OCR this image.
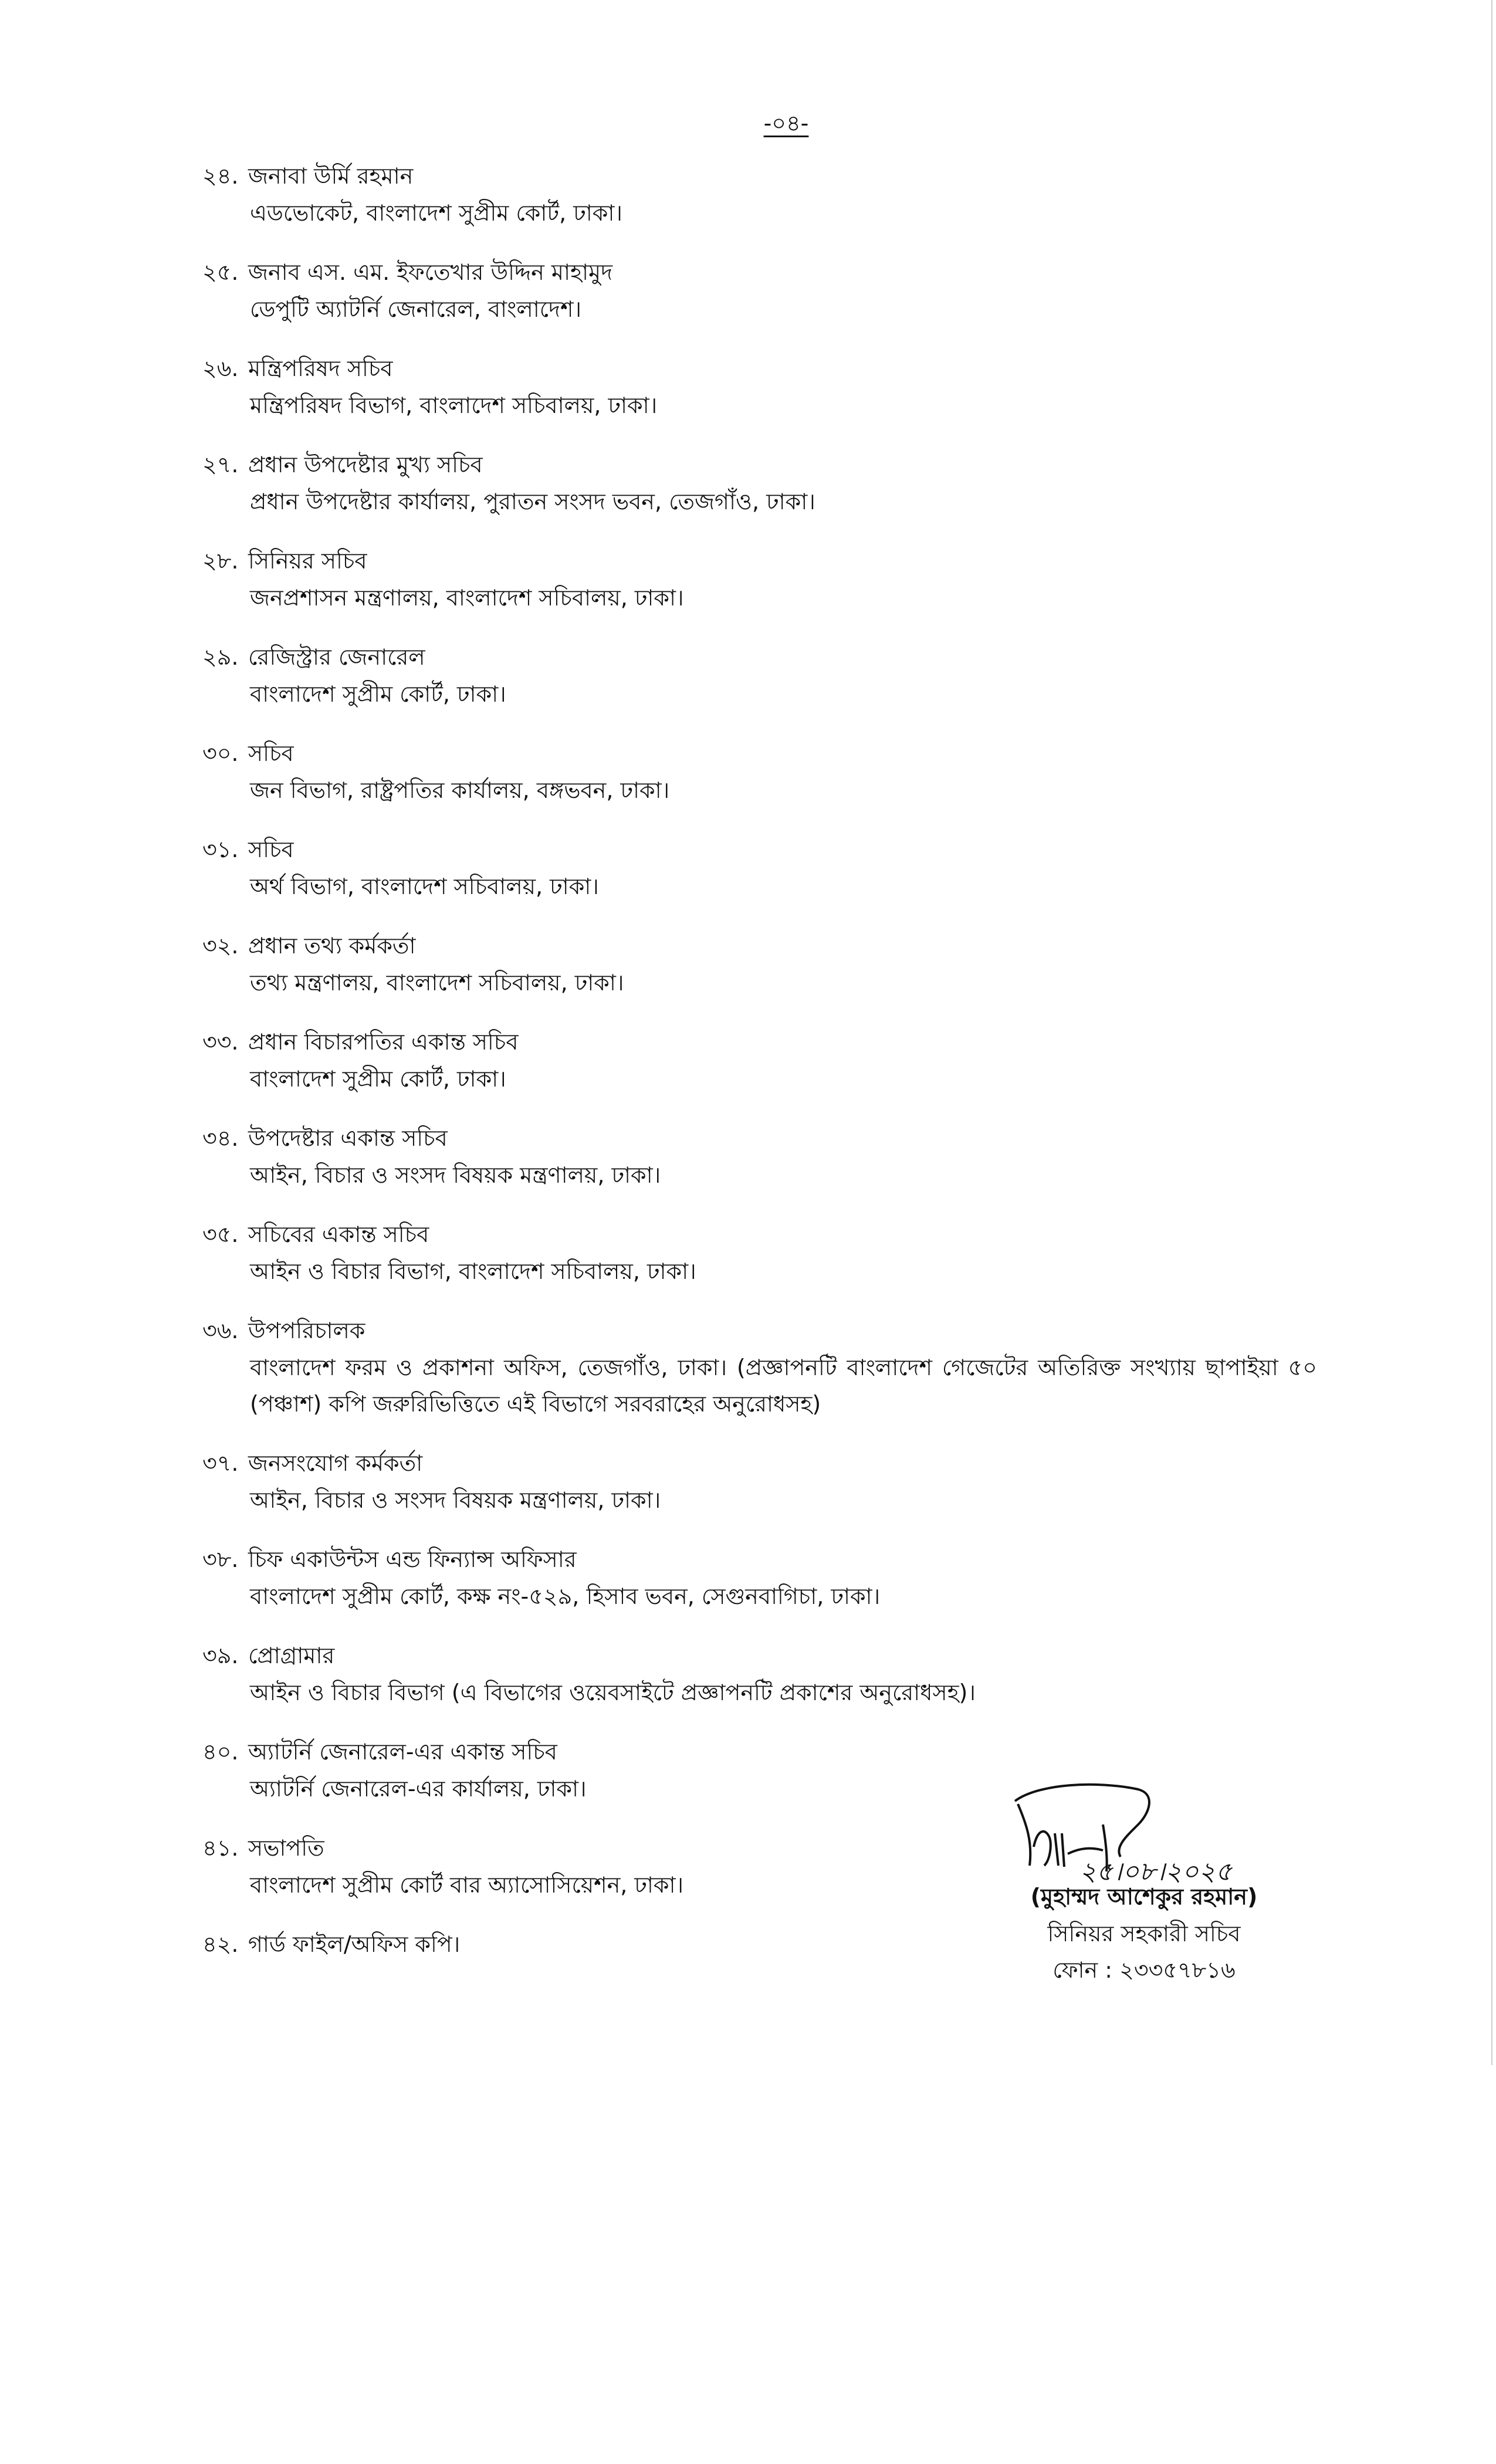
-০৪-
২৪. জনাবা উর্মি রহমান
এডভোকেট, বাংলাদেশ সুপ্রীম কোর্ট, ঢাকা।
২৫. জনাব এস. এম. ইফতেখার উদ্দিন মাহামুদ
ডেপুটি অ্যাটর্নি জেনারেল, বাংলাদেশ।
২৬. মন্ত্রিপরিষদ সচিব
মন্ত্রিপরিষদ বিভাগ, বাংলাদেশ সচিবালয়, ঢাকা।
২৭. প্রধান উপদেষ্টার মুখ্য সচিব
প্রধান উপদেষ্টার কার্যালয়, পুরাতন সংসদ ভবন, তেজগাঁও, ঢাকা।
২৮. সিনিয়র সচিব
জনপ্রশাসন মন্ত্রণালয়, বাংলাদেশ সচিবালয়, ঢাকা।
২৯. রেজিস্ট্রার জেনারেল
বাংলাদেশ সুপ্রীম কোর্ট, ঢাকা।
৩০. সচিব
জন বিভাগ, রাষ্ট্রপতির কার্যালয়, বঙ্গভবন, ঢাকা।
৩১. সচিব
অর্থ বিভাগ, বাংলাদেশ সচিবালয়, ঢাকা।
৩২. প্রধান তথ্য কর্মকর্তা
তথ্য মন্ত্রণালয়, বাংলাদেশ সচিবালয়, ঢাকা।
৩৩. প্রধান বিচারপতির একান্ত সচিব
বাংলাদেশ সুপ্রীম কোর্ট, ঢাকা।
৩৪. উপদেষ্টার একান্ত সচিব
আইন, বিচার ও সংসদ বিষয়ক মন্ত্রণালয়, ঢাকা।
৩৫. সচিবের একান্ত সচিব
আইন ও বিচার বিভাগ, বাংলাদেশ সচিবালয়, ঢাকা।
৩৬. উপপরিচালক
বাংলাদেশ ফরম ও প্রকাশনা অফিস, তেজগাঁও, ঢাকা। (প্রজ্ঞাপনটি বাংলাদেশ গেজেটের অতিরিক্ত সংখ্যায় ছাপাইয়া ৫০ (পঞ্চাশ) কপি জরুরিভিত্তিতে এই বিভাগে সরবরাহের অনুরোধসহ)
৩৭. জনসংযোগ কর্মকর্তা
আইন, বিচার ও সংসদ বিষয়ক মন্ত্রণালয়, ঢাকা।
৩৮. চিফ একাউন্টস এন্ড ফিন্যান্স অফিসার
বাংলাদেশ সুপ্রীম কোর্ট, কক্ষ নং-৫২৯, হিসাব ভবন, সেগুনবাগিচা, ঢাকা।
৩৯. প্রোগ্রামার
আইন ও বিচার বিভাগ (এ বিভাগের ওয়েবসাইটে প্রজ্ঞাপনটি প্রকাশের অনুরোধসহ)।
৪০. অ্যাটর্নি জেনারেল-এর একান্ত সচিব
অ্যাটর্নি জেনারেল-এর কার্যালয়, ঢাকা।
৪১. সভাপতি
বাংলাদেশ সুপ্রীম কোর্ট বার অ্যাসোসিয়েশন, ঢাকা।
৪২. গার্ড ফাইল/অফিস কপি।
২৫।০৮।২০২৫
(মুহাম্মদ আশেকুর রহমান)
সিনিয়র সহকারী সচিব
ফোন : ২৩৩৫৭৮১৬
